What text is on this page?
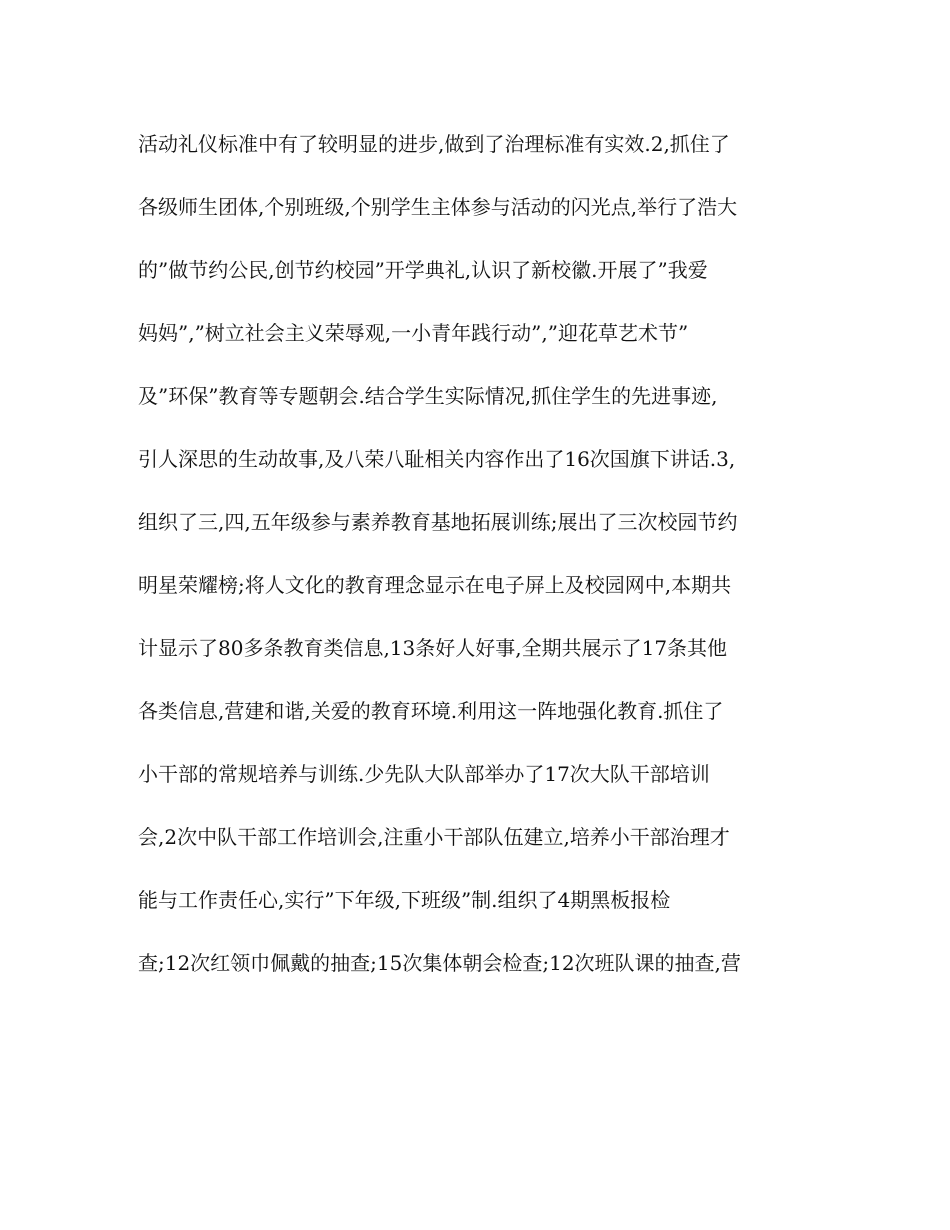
活动礼仪标准中有了较明显的进步,做到了治理标准有实效.2,抓住了

各级师生团体,个别班级,个别学生主体参与活动的闪光点,举行了浩大

的”做节约公民,创节约校园”开学典礼,认识了新校徽.开展了”我爱

妈妈”,”树立社会主义荣辱观,一小青年践行动”,”迎花草艺术节”

及”环保”教育等专题朝会.结合学生实际情况,抓住学生的先进事迹,

引人深思的生动故事,及八荣八耻相关内容作出了16次国旗下讲话.3,

组织了三,四,五年级参与素养教育基地拓展训练;展出了三次校园节约

明星荣耀榜;将人文化的教育理念显示在电子屏上及校园网中,本期共

计显示了80多条教育类信息,13条好人好事,全期共展示了17条其他

各类信息,营建和谐,关爱的教育环境.利用这一阵地强化教育.抓住了

小干部的常规培养与训练.少先队大队部举办了17次大队干部培训

会,2次中队干部工作培训会,注重小干部队伍建立,培养小干部治理才

能与工作责任心,实行”下年级,下班级”制.组织了4期黑板报检

查;12次红领巾佩戴的抽查;15次集体朝会检查;12次班队课的抽查,营
